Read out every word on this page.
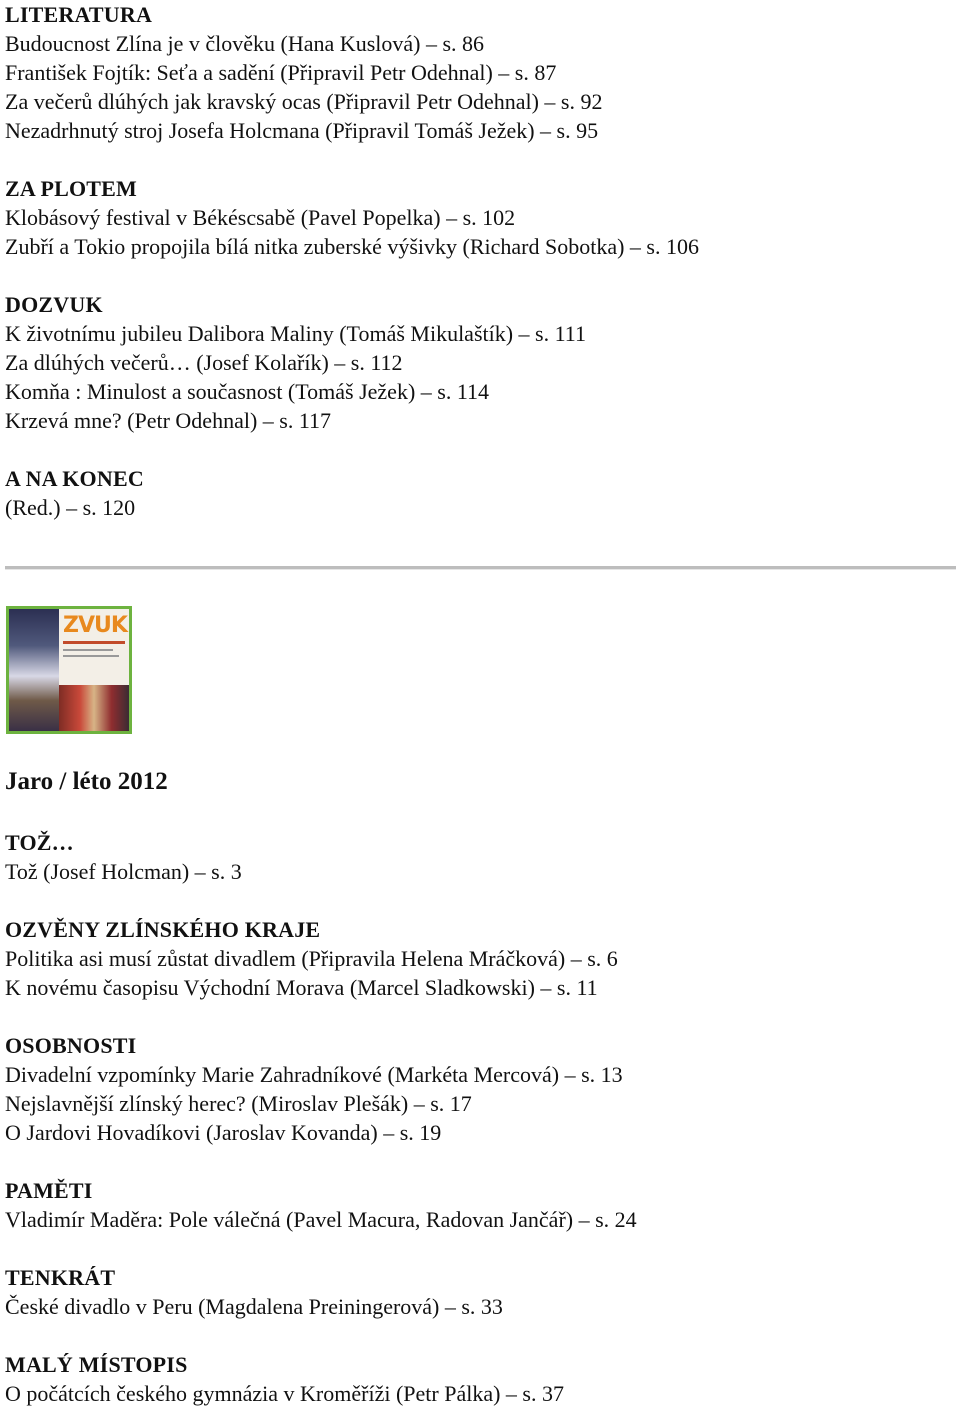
LITERATURA
Budoucnost Zlína je v člověku (Hana Kuslová) – s. 86
František Fojtík: Seťa a sadění (Připravil Petr Odehnal) – s. 87
Za večerů dlúhých jak kravský ocas (Připravil Petr Odehnal) – s. 92
Nezadrhnutý stroj Josefa Holcmana (Připravil Tomáš Ježek) – s. 95
ZA PLOTEM
Klobásový festival v Békéscsabě (Pavel Popelka) – s. 102
Zubří a Tokio propojila bílá nitka zuberské výšivky (Richard Sobotka) – s. 106
DOZVUK
K životnímu jubileu Dalibora Maliny (Tomáš Mikulaštík) – s. 111
Za dlúhých večerů… (Josef Kolařík) – s. 112
Komňa : Minulost a současnost (Tomáš Ježek) – s. 114
Krzevá mne? (Petr Odehnal) – s. 117
A NA KONEC
(Red.) – s. 120
ZVUK
Jaro / léto 2012
TOŽ…
Tož (Josef Holcman) – s. 3
OZVĚNY ZLÍNSKÉHO KRAJE
Politika asi musí zůstat divadlem (Připravila Helena Mráčková) – s. 6
K novému časopisu Východní Morava (Marcel Sladkowski) – s. 11
OSOBNOSTI
Divadelní vzpomínky Marie Zahradníkové (Markéta Mercová) – s. 13
Nejslavnější zlínský herec? (Miroslav Plešák) – s. 17
O Jardovi Hovadíkovi (Jaroslav Kovanda) – s. 19
PAMĚTI
Vladimír Maděra: Pole válečná (Pavel Macura, Radovan Jančář) – s. 24
TENKRÁT
České divadlo v Peru (Magdalena Preiningerová) – s. 33
MALÝ MÍSTOPIS
O počátcích českého gymnázia v Kroměříži (Petr Pálka) – s. 37
